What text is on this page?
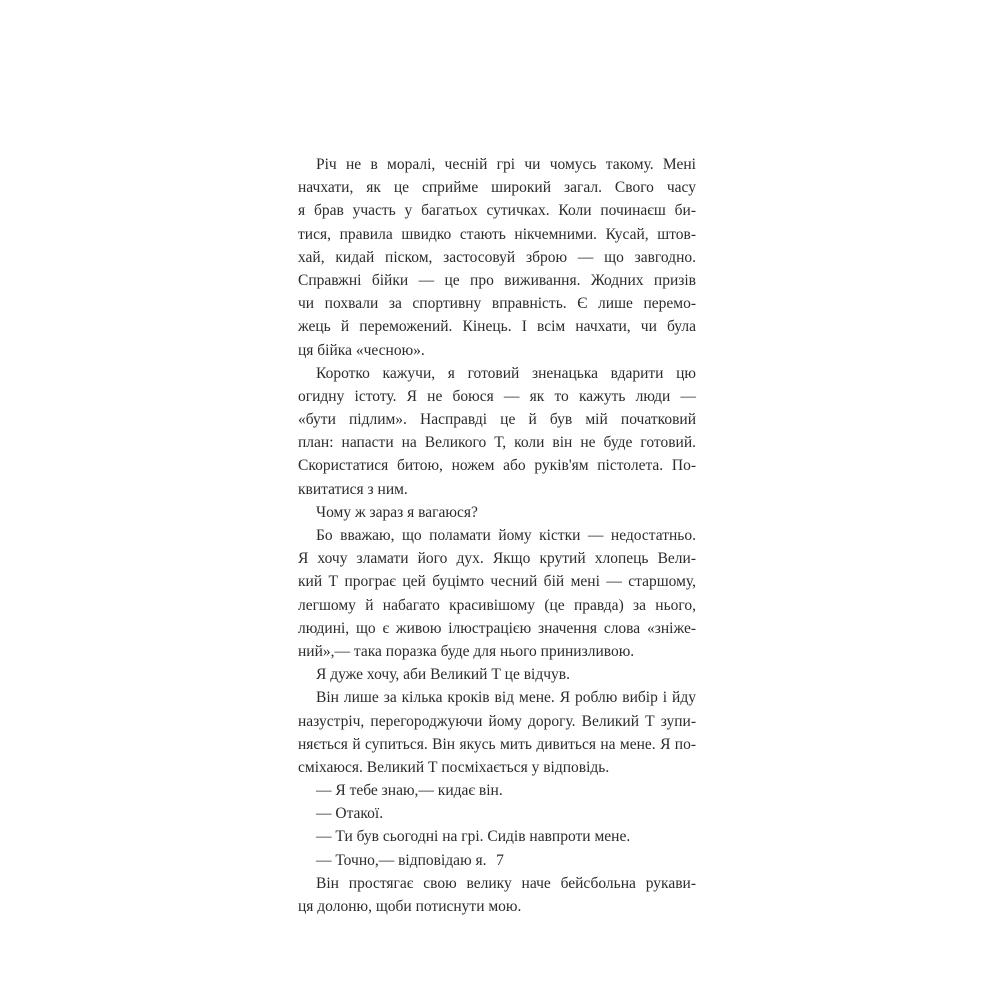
Річ не в моралі, чесній грі чи чомусь такому. Мені
начхати, як це сприйме широкий загал. Свого часу
я брав участь у багатьох сутичках. Коли починаєш би-
тися, правила швидко стають нікчемними. Кусай, штов-
хай, кидай піском, застосовуй зброю — що завгодно.
Справжні бійки — це про виживання. Жодних призів
чи похвали за спортивну вправність. Є лише перемо-
жець й переможений. Кінець. І всім начхати, чи була
ця бійка «чесною».
Коротко кажучи, я готовий зненацька вдарити цю
огидну істоту. Я не боюся — як то кажуть люди —
«бути підлим». Насправді це й був мій початковий
план: напасти на Великого Т, коли він не буде готовий.
Скористатися битою, ножем або руків'ям пістолета. По-
квитатися з ним.
Чому ж зараз я вагаюся?
Бо вважаю, що поламати йому кістки — недостатньо.
Я хочу зламати його дух. Якщо крутий хлопець Вели-
кий Т програє цей буцімто чесний бій мені — старшому,
легшому й набагато красивішому (це правда) за нього,
людині, що є живою ілюстрацією значення слова «зніже-
ний»,— така поразка буде для нього принизливою.
Я дуже хочу, аби Великий Т це відчув.
Він лише за кілька кроків від мене. Я роблю вибір і йду
назустріч, перегороджуючи йому дорогу. Великий Т зупи-
няється й супиться. Він якусь мить дивиться на мене. Я по-
сміхаюся. Великий Т посміхається у відповідь.
— Я тебе знаю,— кидає він.
— Отакої.
— Ти був сьогодні на грі. Сидів навпроти мене.
— Точно,— відповідаю я.
Він простягає свою велику наче бейсбольна рукави-
ця долоню, щоби потиснути мою.
7
